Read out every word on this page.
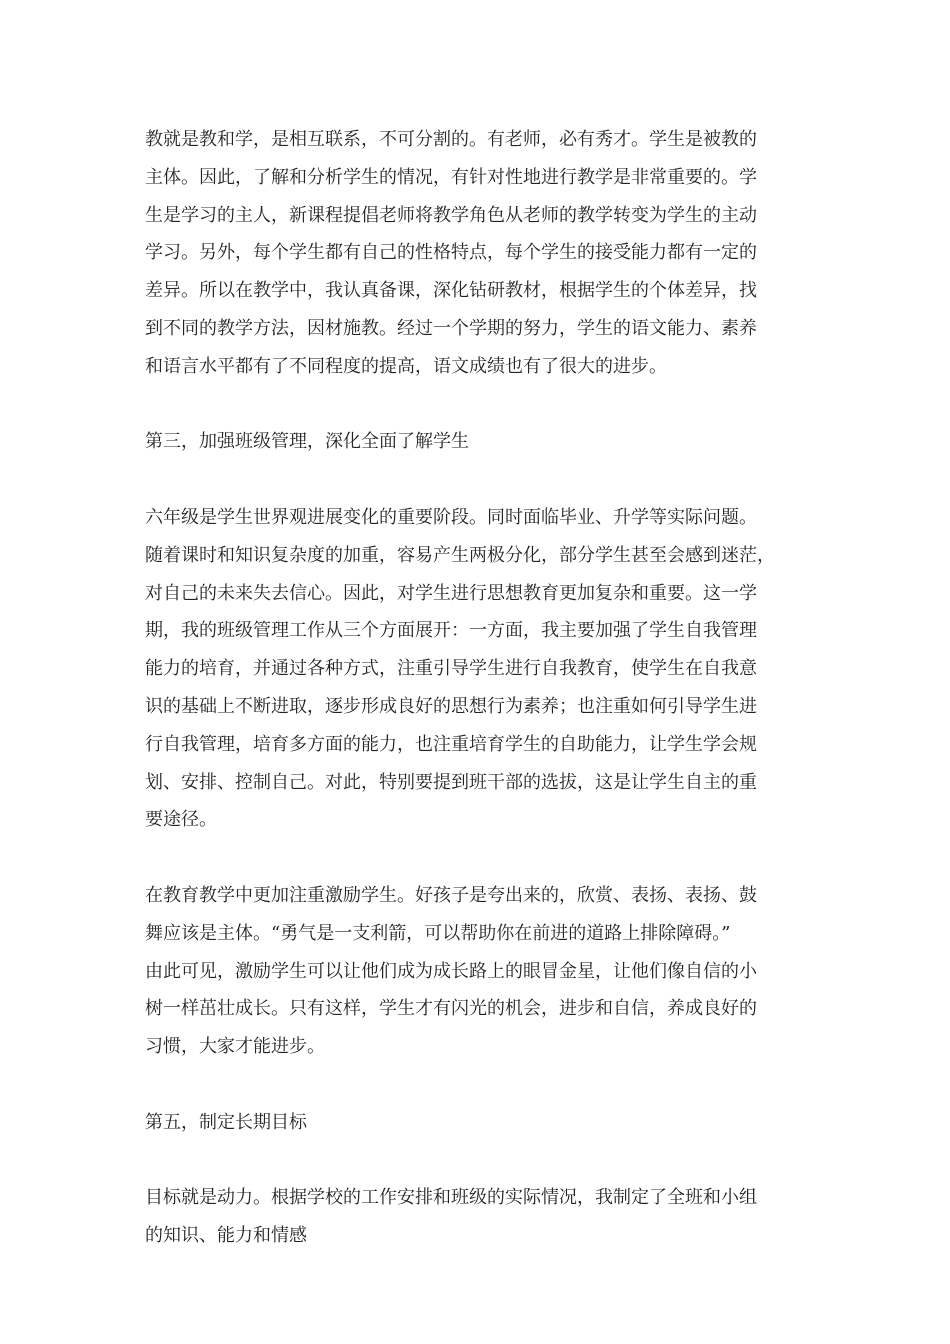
教就是教和学，是相互联系，不可分割的。有老师，必有秀才。学生是被教的
主体。因此，了解和分析学生的情况，有针对性地进行教学是非常重要的。学
生是学习的主人，新课程提倡老师将教学角色从老师的教学转变为学生的主动
学习。另外，每个学生都有自己的性格特点，每个学生的接受能力都有一定的
差异。所以在教学中，我认真备课，深化钻研教材，根据学生的个体差异，找
到不同的教学方法，因材施教。经过一个学期的努力，学生的语文能力、素养
和语言水平都有了不同程度的提高，语文成绩也有了很大的进步。
第三，加强班级管理，深化全面了解学生
六年级是学生世界观进展变化的重要阶段。同时面临毕业、升学等实际问题。
随着课时和知识复杂度的加重，容易产生两极分化，部分学生甚至会感到迷茫，
对自己的未来失去信心。因此，对学生进行思想教育更加复杂和重要。这一学
期，我的班级管理工作从三个方面展开：一方面，我主要加强了学生自我管理
能力的培育，并通过各种方式，注重引导学生进行自我教育，使学生在自我意
识的基础上不断进取，逐步形成良好的思想行为素养；也注重如何引导学生进
行自我管理，培育多方面的能力，也注重培育学生的自助能力，让学生学会规
划、安排、控制自己。对此，特别要提到班干部的选拔，这是让学生自主的重
要途径。
在教育教学中更加注重激励学生。好孩子是夸出来的，欣赏、表扬、表扬、鼓
舞应该是主体。“勇气是一支利箭，可以帮助你在前进的道路上排除障碍。”
由此可见，激励学生可以让他们成为成长路上的眼冒金星，让他们像自信的小
树一样茁壮成长。只有这样，学生才有闪光的机会，进步和自信，养成良好的
习惯，大家才能进步。
第五，制定长期目标
目标就是动力。根据学校的工作安排和班级的实际情况，我制定了全班和小组
的知识、能力和情感
